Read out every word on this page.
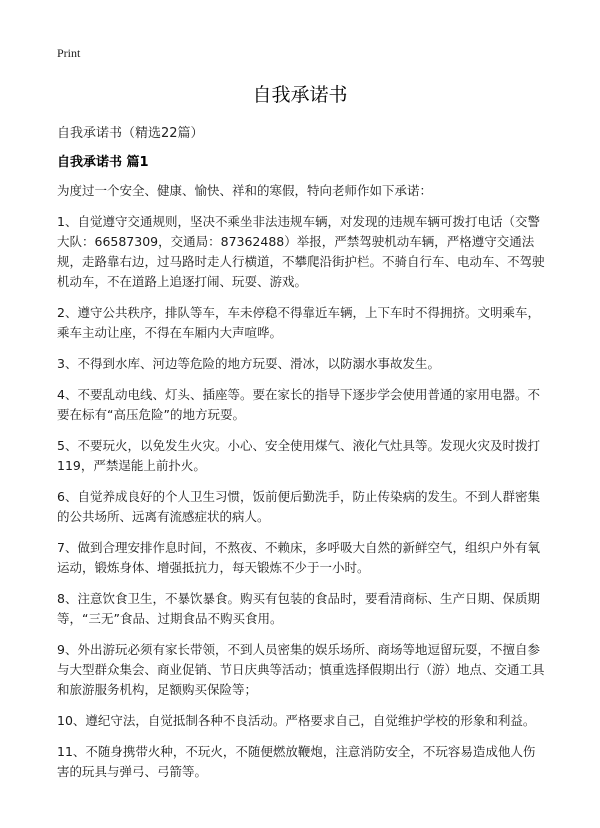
Print
自我承诺书
自我承诺书（精选22篇）
自我承诺书 篇1

为度过一个安全、健康、愉快、祥和的寒假，特向老师作如下承诺：

1、自觉遵守交通规则，坚决不乘坐非法违规车辆，对发现的违规车辆可拨打电话（交警大队：66587309，交通局：87362488）举报，严禁驾驶机动车辆，严格遵守交通法规，走路靠右边，过马路时走人行横道，不攀爬沿街护栏。不骑自行车、电动车、不驾驶机动车，不在道路上追逐打闹、玩耍、游戏。

2、遵守公共秩序，排队等车，车未停稳不得靠近车辆，上下车时不得拥挤。文明乘车，乘车主动让座，不得在车厢内大声喧哗。

3、不得到水库、河边等危险的地方玩耍、滑冰，以防溺水事故发生。

4、不要乱动电线、灯头、插座等。要在家长的指导下逐步学会使用普通的家用电器。不要在标有“高压危险”的地方玩耍。

5、不要玩火，以免发生火灾。小心、安全使用煤气、液化气灶具等。发现火灾及时拨打119，严禁逞能上前扑火。

6、自觉养成良好的个人卫生习惯，饭前便后勤洗手，防止传染病的发生。不到人群密集的公共场所、远离有流感症状的病人。

7、做到合理安排作息时间，不熬夜、不赖床，多呼吸大自然的新鲜空气，组织户外有氧运动，锻炼身体、增强抵抗力，每天锻炼不少于一小时。

8、注意饮食卫生，不暴饮暴食。购买有包装的食品时，要看清商标、生产日期、保质期等，“三无”食品、过期食品不购买食用。

9、外出游玩必须有家长带领，不到人员密集的娱乐场所、商场等地逗留玩耍，不擅自参与大型群众集会、商业促销、节日庆典等活动；慎重选择假期出行（游）地点、交通工具和旅游服务机构，足额购买保险等；

10、遵纪守法，自觉抵制各种不良活动。严格要求自己，自觉维护学校的形象和利益。

11、不随身携带火种，不玩火，不随便燃放鞭炮，注意消防安全，不玩容易造成他人伤害的玩具与弹弓、弓箭等。
